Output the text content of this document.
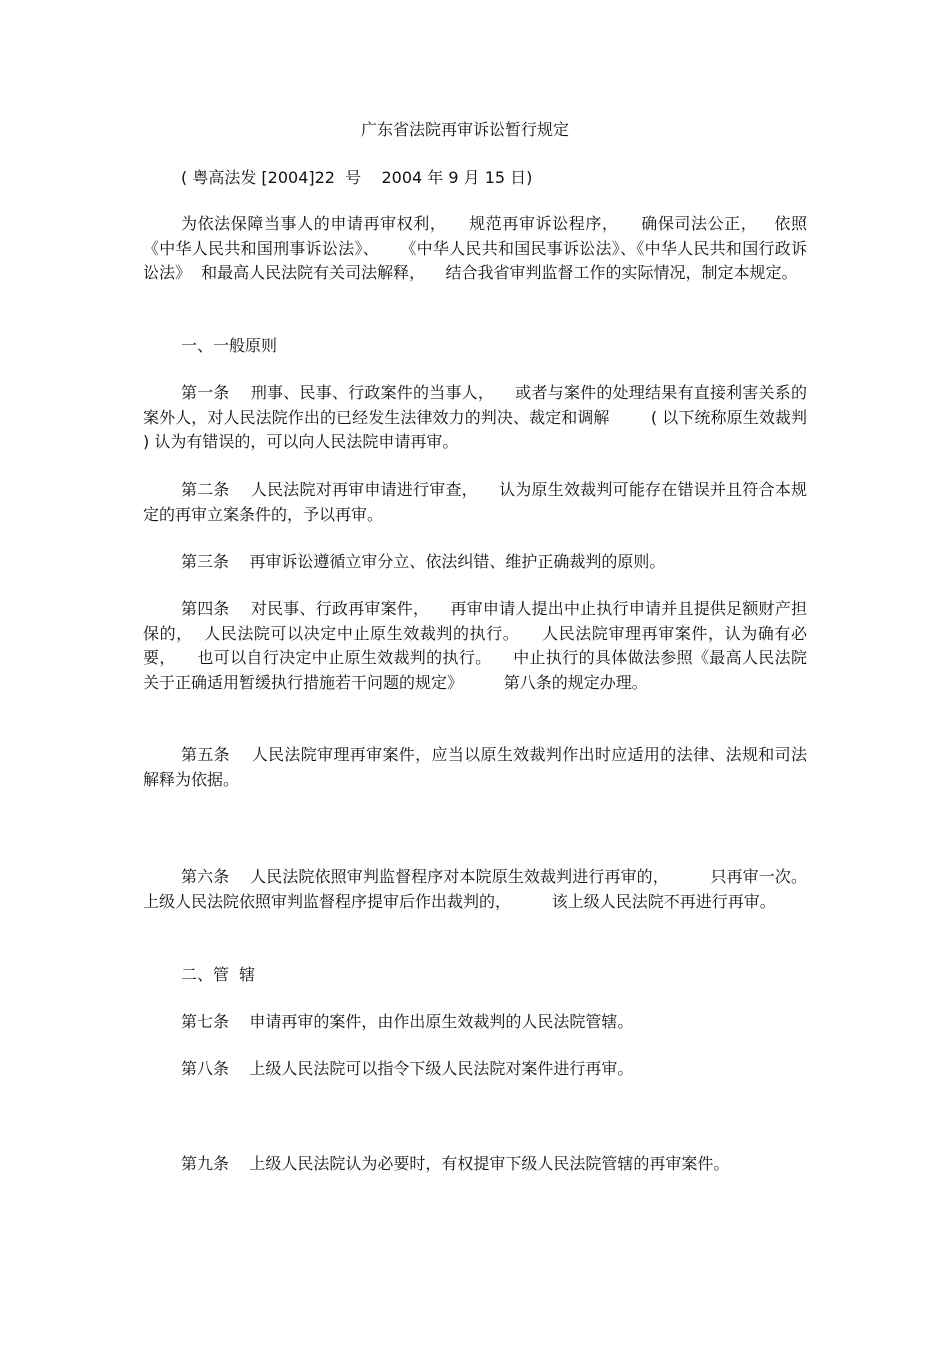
广东省法院再审诉讼暂行规定

( 粤高法发 [2004]22  号    2004 年 9 月 15 日)

为依法保障当事人的申请再审权利，    规范再审诉讼程序，    确保司法公正，   依照《中华人民共和国刑事诉讼法》、    《中华人民共和国民事诉讼法》、《中华人民共和国行政诉讼法》  和最高人民法院有关司法解释，    结合我省审判监督工作的实际情况，制定本规定。

一、一般原则

第一条    刑事、民事、行政案件的当事人，    或者与案件的处理结果有直接利害关系的案外人，对人民法院作出的已经发生法律效力的判决、裁定和调解        ( 以下统称原生效裁判  ) 认为有错误的，可以向人民法院申请再审。

第二条    人民法院对再审申请进行审查，    认为原生效裁判可能存在错误并且符合本规定的再审立案条件的，予以再审。

第三条    再审诉讼遵循立审分立、依法纠错、维护正确裁判的原则。

第四条    对民事、行政再审案件，    再审申请人提出中止执行申请并且提供足额财产担保的，  人民法院可以决定中止原生效裁判的执行。    人民法院审理再审案件，认为确有必要，    也可以自行决定中止原生效裁判的执行。    中止执行的具体做法参照《最高人民法院关于正确适用暂缓执行措施若干问题的规定》        第八条的规定办理。

第五条    人民法院审理再审案件，应当以原生效裁判作出时应适用的法律、法规和司法解释为依据。

第六条    人民法院依照审判监督程序对本院原生效裁判进行再审的，        只再审一次。上级人民法院依照审判监督程序提审后作出裁判的，        该上级人民法院不再进行再审。

二、管  辖

第七条    申请再审的案件，由作出原生效裁判的人民法院管辖。

第八条    上级人民法院可以指令下级人民法院对案件进行再审。

第九条    上级人民法院认为必要时，有权提审下级人民法院管辖的再审案件。
